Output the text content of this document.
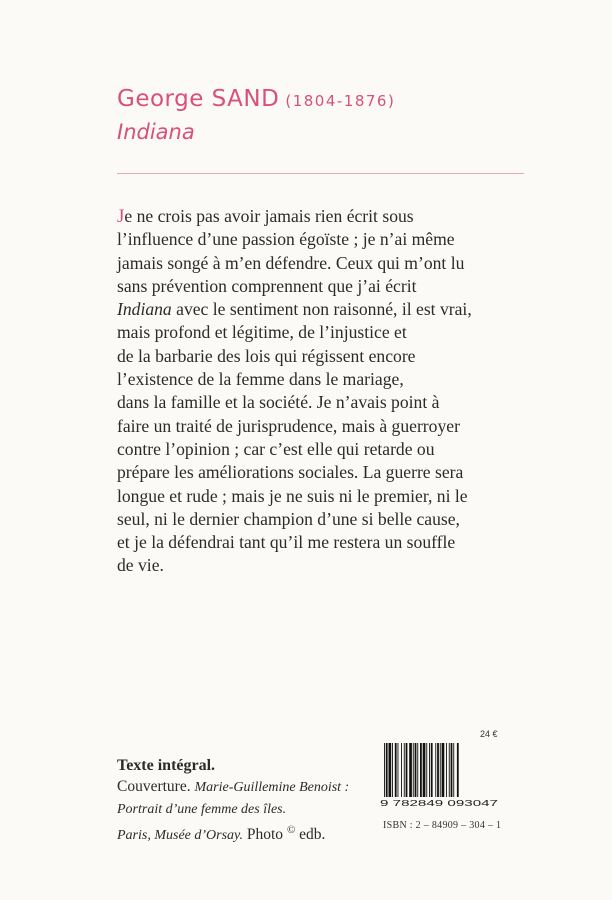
George SAND (1804-1876)
Indiana
Je ne crois pas avoir jamais rien écrit sous
l’influence d’une passion égoïste ; je n’ai même
jamais songé à m’en défendre. Ceux qui m’ont lu
sans prévention comprennent que j’ai écrit
Indiana avec le sentiment non raisonné, il est vrai,
mais profond et légitime, de l’injustice et
de la barbarie des lois qui régissent encore
l’existence de la femme dans le mariage,
dans la famille et la société. Je n’avais point à
faire un traité de jurisprudence, mais à guerroyer
contre l’opinion ; car c’est elle qui retarde ou
prépare les améliorations sociales. La guerre sera
longue et rude ; mais je ne suis ni le premier, ni le
seul, ni le dernier champion d’une si belle cause,
et je la défendrai tant qu’il me restera un souffle
de vie.
Texte intégral.
Couverture. Marie-Guillemine Benoist :
Portrait d’une femme des îles.
Paris, Musée d’Orsay. Photo © edb.
24 €
9 782849 093047
ISBN : 2 – 84909 – 304 – 1
